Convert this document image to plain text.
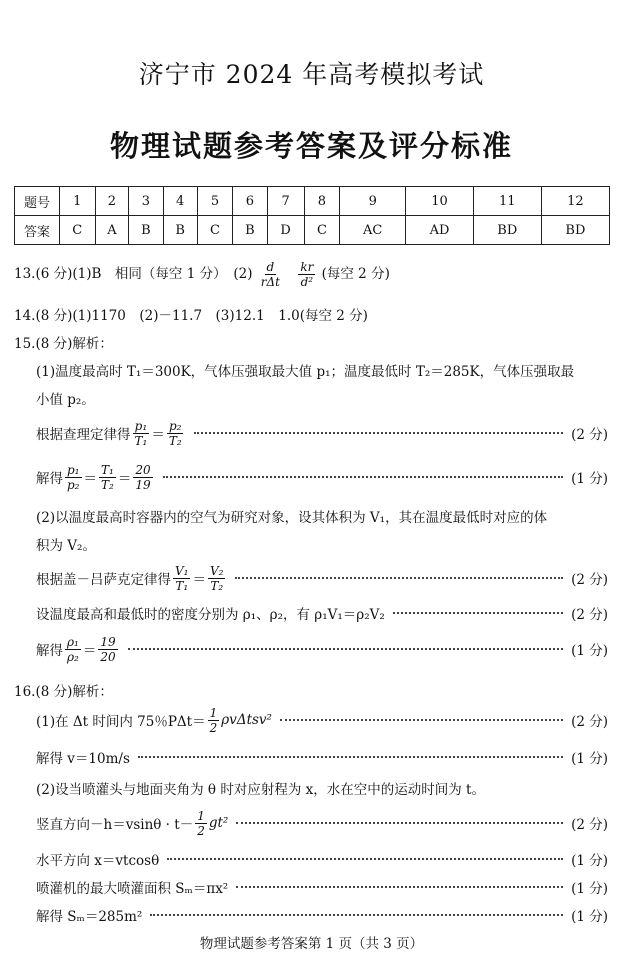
济宁市 2024 年高考模拟考试
物理试题参考答案及评分标准
题号	1	2	3	4	5	6	7	8	9	10	11	12
答案	C	A	B	B	C	B	D	C	AC	AD	BD	BD
13.(6 分)(1)B　相同（每空 1 分）　$(2) \frac{d}{\text{rΔt}}$
$\frac{kr}{\text{d²}}$ (每空 2 分)
14.(8 分)(1)1170　(2)－11.7　(3)12.1　1.0(每空 2 分)
15.(8 分)解析：
(1)温度最高时 T₁＝300K，气体压强取最大值 p₁；温度最低时 T₂＝285K，气体压强取最
小值 p₂。
根据查理定律得 $\frac{\text{p₁}}{\text{T₁}} = \frac{\text{p₂}}{\text{T₂}}$	(2 分)
解得 $\frac{\text{p₁}}{\text{p₂}} = \frac{\text{T₁}}{\text{T₂}} = \frac{20}{19}$	(1 分)
(2)以温度最高时容器内的空气为研究对象，设其体积为 V₁，其在温度最低时对应的体
积为 V₂。
根据盖－吕萨克定律得 $\frac{\text{V₁}}{\text{T₁}} = \frac{\text{V₂}}{\text{T₂}}$	(2 分)
设温度最高和最低时的密度分别为 ρ₁、ρ₂，有 ρ₁V₁＝ρ₂V₂	(2 分)
解得 $\frac{\text{ρ₁}}{\text{ρ₂}} = \frac{19}{20}$	(1 分)
16.(8 分)解析：
(1)在 Δt 时间内 75％$P\Delta t= \frac{1}{2} \rho v\Delta tsv^2$	(2 分)
解得 v＝10m/s	(1 分)
(2)设当喷灌头与地面夹角为 θ 时对应射程为 x，水在空中的运动时间为 t。
竖直方向$-h=vsin\theta \cdot t- \frac{1}{2} gt^2$	(2 分)
水平方向 x＝vtcosθ	(1 分)
喷灌机的最大喷灌面积 Sₘ＝πx²	(1 分)
解得 Sₘ＝285m²	(1 分)
物理试题参考答案第 1 页（共 3 页）
